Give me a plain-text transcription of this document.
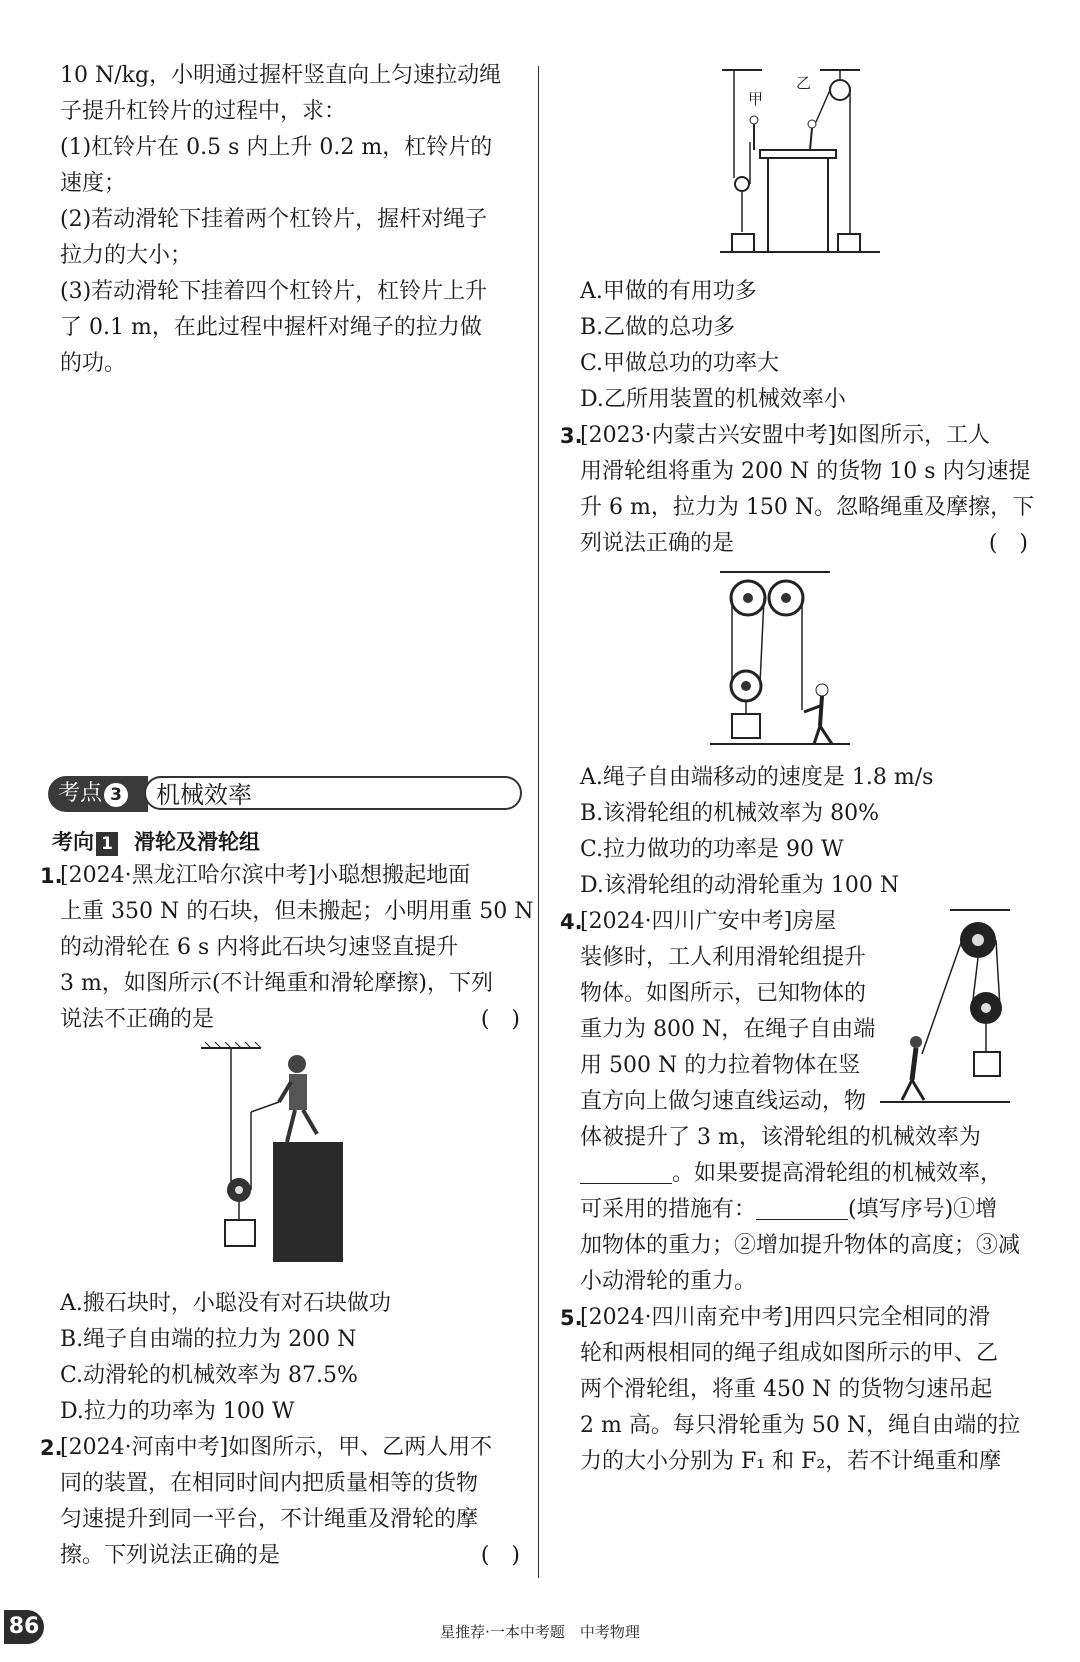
10 N/kg，小明通过握杆竖直向上匀速拉动绳

子提升杠铃片的过程中，求：

(1)杠铃片在 0.5 s 内上升 0.2 m，杠铃片的

速度；

(2)若动滑轮下挂着两个杠铃片，握杆对绳子

拉力的大小；

(3)若动滑轮下挂着四个杠铃片，杠铃片上升

了 0.1 m，在此过程中握杆对绳子的拉力做

的功。

考点 3	机械效率
考向 1 滑轮及滑轮组
1.

[2024·黑龙江哈尔滨中考]小聪想搬起地面

上重 350 N 的石块，但未搬起；小明用重 50 N

的动滑轮在 6 s 内将此石块匀速竖直提升

3 m，如图所示(不计绳重和滑轮摩擦)，下列

说法不正确的是	(　)

A.搬石块时，小聪没有对石块做功

B.绳子自由端的拉力为 200 N

C.动滑轮的机械效率为 87.5%

D.拉力的功率为 100 W

2.

[2024·河南中考]如图所示，甲、乙两人用不

同的装置，在相同时间内把质量相等的货物

匀速提升到同一平台，不计绳重及滑轮的摩

擦。下列说法正确的是	(　)

甲
乙

A.甲做的有用功多

B.乙做的总功多

C.甲做总功的功率大

D.乙所用装置的机械效率小

3.

[2023·内蒙古兴安盟中考]如图所示，工人

用滑轮组将重为 200 N 的货物 10 s 内匀速提

升 6 m，拉力为 150 N。忽略绳重及摩擦，下

列说法正确的是	(　)

A.绳子自由端移动的速度是 1.8 m/s

B.该滑轮组的机械效率为 80%

C.拉力做功的功率是 90 W

D.该滑轮组的动滑轮重为 100 N

4.

[2024·四川广安中考]房屋

装修时，工人利用滑轮组提升

物体。如图所示，已知物体的

重力为 800 N，在绳子自由端

用 500 N 的力拉着物体在竖

直方向上做匀速直线运动，物

体被提升了 3 m，该滑轮组的机械效率为

。如果要提高滑轮组的机械效率，

可采用的措施有：	(填写序号)①增

加物体的重力；②增加提升物体的高度；③减

小动滑轮的重力。

5.

[2024·四川南充中考]用四只完全相同的滑

轮和两根相同的绳子组成如图所示的甲、乙

两个滑轮组，将重 450 N 的货物匀速吊起

2 m 高。每只滑轮重为 50 N，绳自由端的拉

力的大小分别为 F₁ 和 F₂，若不计绳重和摩

86	星推荐·一本中考题　中考物理
